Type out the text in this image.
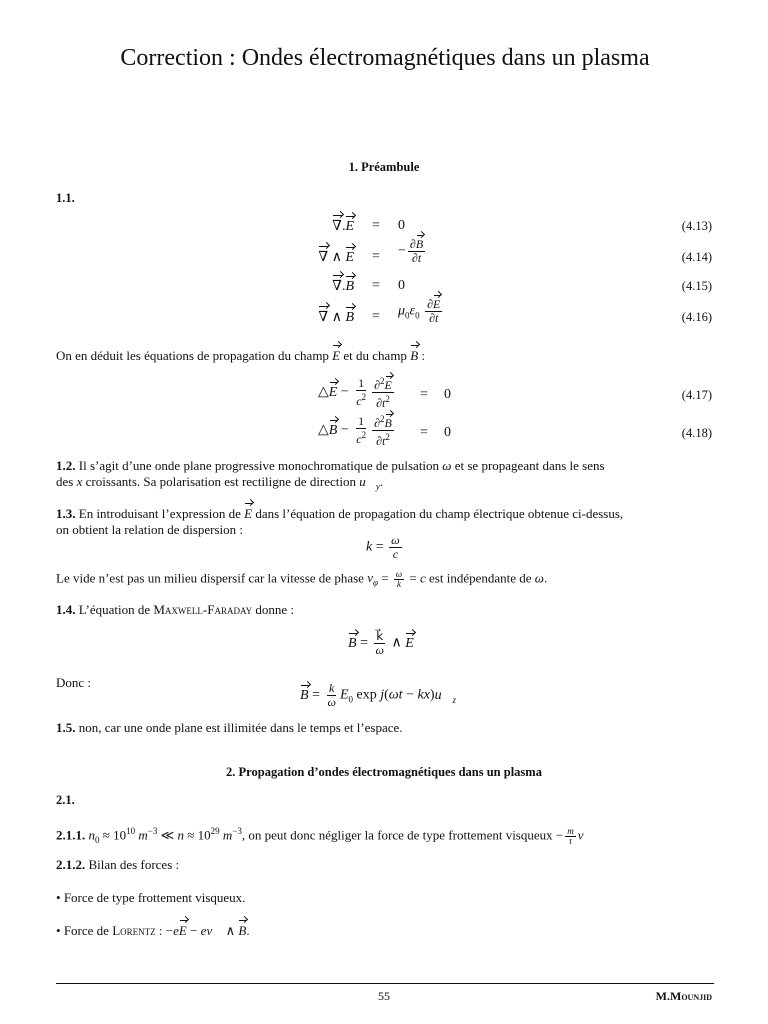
Correction : Ondes électromagnétiques dans un plasma
1. Préambule
1.1.
∇.E = 0	(4.13)
∇ ∧ E = − $\frac{\partial B}{\partial t}$	(4.14)
∇.B = 0	(4.15)
∇ ∧ $B = \mu_0\varepsilon_0 \frac{\partial E}{\partial t}$	(4.16)
On en déduit les équations de propagation du champ E et du champ B :
△E − $\frac{1}{c^2} \frac{\partial^2E}{\partial t^2} = 0$	(4.17)
△B − $\frac{1}{c^2} \frac{\partial^2B}{\partial t^2} = 0$	(4.18)
1.2. Il s’agit d’une onde plane progressive monochromatique de pulsation ω et se propageant dans le sens
des x croissants. Sa polarisation est rectiligne de direction $u⃗_y$.
1.3. En introduisant l’expression de E dans l’équation de propagation du champ électrique obtenue ci-dessus,
on obtient la relation de dispersion :
$k = \frac{\omega}{c}$
Le vide n’est pas un milieu dispersif car la vitesse de phase $v_\varphi = \frac{\omega}{k} = c$ est indépendante de ω.
1.4. L’équation de Maxwell-Faraday donne :
$B = \frac{k⃗}{\omega}$ ∧ E
Donc :
$B = \frac{k}{\omega} E_0$ $\exp j(\omega t - kx)u⃗_z$
1.5. non, car une onde plane est illimitée dans le temps et l’espace.
2. Propagation d’ondes électromagnétiques dans un plasma
2.1.
2.1.1. $n_0 \approx 10^{10}$ $m^{-3}$ ≪ $n \approx 10^{29}$ $m^{-3}$, on peut donc négliger la force de type frottement visqueux − $\frac{m}{\tau}$ v⃗
2.1.2. Bilan des forces :
• Force de type frottement visqueux.
• Force de Lorentz : −eE − ev⃗ ∧ B.
55	M.Mounjid
